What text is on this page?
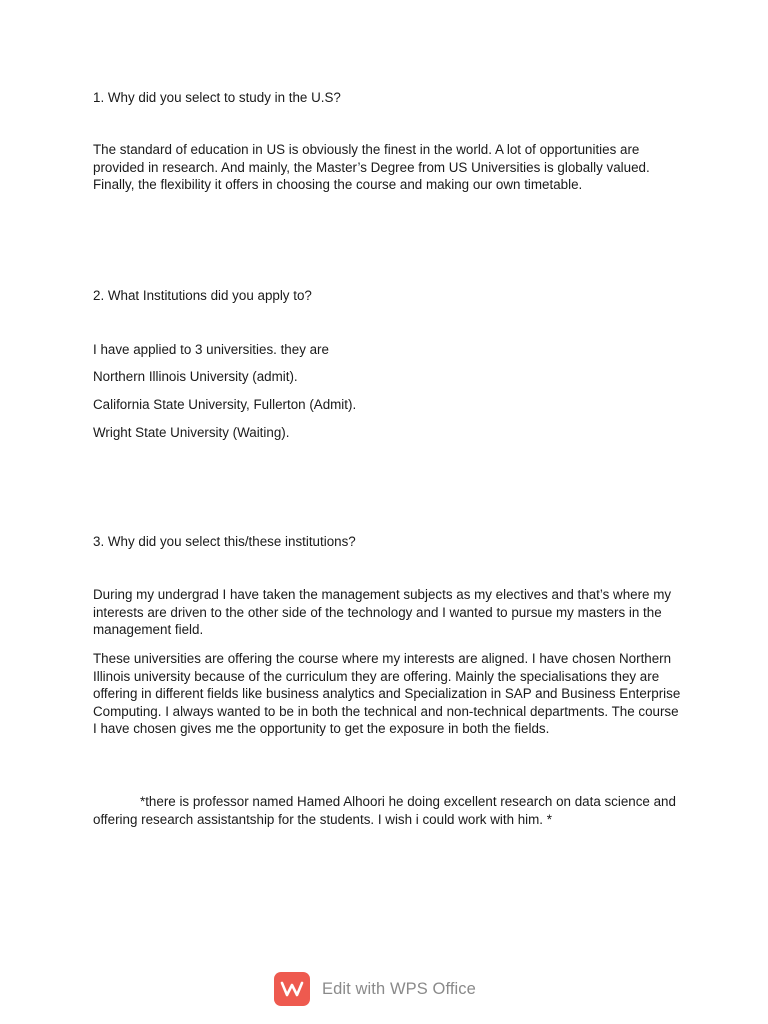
1. Why did you select to study in the U.S?

The standard of education in US is obviously the finest in the world. A lot of opportunities are provided in research. And mainly, the Master’s Degree from US Universities is globally valued. Finally, the flexibility it offers in choosing the course and making our own timetable.

2. What Institutions did you apply to?

I have applied to 3 universities. they are

Northern Illinois University (admit).

California State University, Fullerton (Admit).

Wright State University (Waiting).

3. Why did you select this/these institutions?

During my undergrad I have taken the management subjects as my electives and that’s where my interests are driven to the other side of the technology and I wanted to pursue my masters in the management field.

These universities are offering the course where my interests are aligned. I have chosen Northern Illinois university because of the curriculum they are offering. Mainly the specialisations they are offering in different fields like business analytics and Specialization in SAP and Business Enterprise Computing. I always wanted to be in both the technical and non-technical departments. The course I have chosen gives me the opportunity to get the exposure in both the fields.

*there is professor named Hamed Alhoori he doing excellent research on data science and offering research assistantship for the students. I wish i could work with him. *

Edit with WPS Office
